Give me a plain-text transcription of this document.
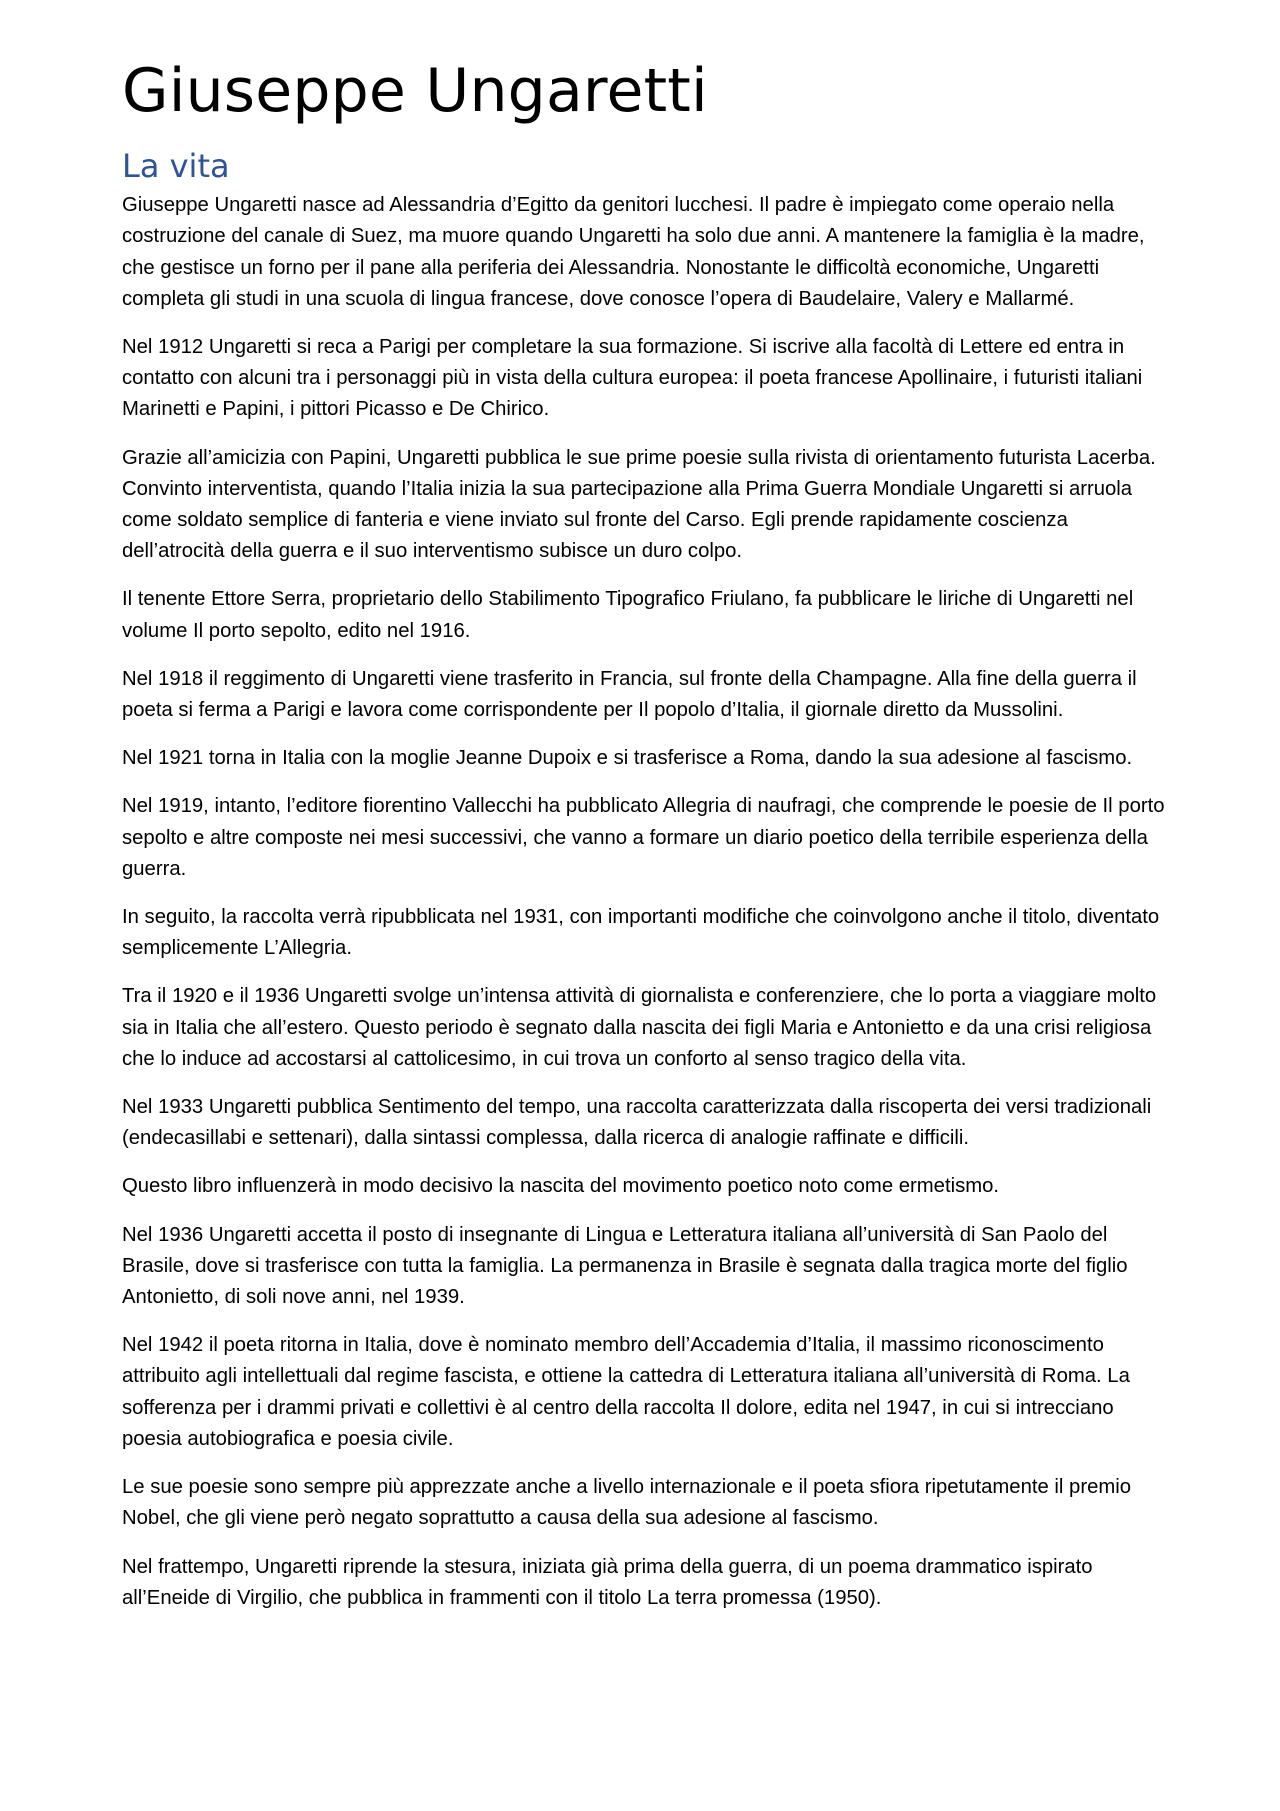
Giuseppe Ungaretti
La vita

Giuseppe Ungaretti nasce ad Alessandria d’Egitto da genitori lucchesi. Il padre è impiegato come operaio nella costruzione del canale di Suez, ma muore quando Ungaretti ha solo due anni. A mantenere la famiglia è la madre, che gestisce un forno per il pane alla periferia dei Alessandria. Nonostante le difficoltà economiche, Ungaretti completa gli studi in una scuola di lingua francese, dove conosce l’opera di Baudelaire, Valery e Mallarmé.

Nel 1912 Ungaretti si reca a Parigi per completare la sua formazione. Si iscrive alla facoltà di Lettere ed entra in contatto con alcuni tra i personaggi più in vista della cultura europea: il poeta francese Apollinaire, i futuristi italiani Marinetti e Papini, i pittori Picasso e De Chirico.

Grazie all’amicizia con Papini, Ungaretti pubblica le sue prime poesie sulla rivista di orientamento futurista Lacerba. Convinto interventista, quando l’Italia inizia la sua partecipazione alla Prima Guerra Mondiale Ungaretti si arruola come soldato semplice di fanteria e viene inviato sul fronte del Carso. Egli prende rapidamente coscienza dell’atrocità della guerra e il suo interventismo subisce un duro colpo.

Il tenente Ettore Serra, proprietario dello Stabilimento Tipografico Friulano, fa pubblicare le liriche di Ungaretti nel volume Il porto sepolto, edito nel 1916.

Nel 1918 il reggimento di Ungaretti viene trasferito in Francia, sul fronte della Champagne. Alla fine della guerra il poeta si ferma a Parigi e lavora come corrispondente per Il popolo d’Italia, il giornale diretto da Mussolini.

Nel 1921 torna in Italia con la moglie Jeanne Dupoix e si trasferisce a Roma, dando la sua adesione al fascismo.

Nel 1919, intanto, l’editore fiorentino Vallecchi ha pubblicato Allegria di naufragi, che comprende le poesie de Il porto sepolto e altre composte nei mesi successivi, che vanno a formare un diario poetico della terribile esperienza della guerra.

In seguito, la raccolta verrà ripubblicata nel 1931, con importanti modifiche che coinvolgono anche il titolo, diventato semplicemente L’Allegria.

Tra il 1920 e il 1936 Ungaretti svolge un’intensa attività di giornalista e conferenziere, che lo porta a viaggiare molto sia in Italia che all’estero. Questo periodo è segnato dalla nascita dei figli Maria e Antonietto e da una crisi religiosa che lo induce ad accostarsi al cattolicesimo, in cui trova un conforto al senso tragico della vita.

Nel 1933 Ungaretti pubblica Sentimento del tempo, una raccolta caratterizzata dalla riscoperta dei versi tradizionali (endecasillabi e settenari), dalla sintassi complessa, dalla ricerca di analogie raffinate e difficili.

Questo libro influenzerà in modo decisivo la nascita del movimento poetico noto come ermetismo.

Nel 1936 Ungaretti accetta il posto di insegnante di Lingua e Letteratura italiana all’università di San Paolo del Brasile, dove si trasferisce con tutta la famiglia. La permanenza in Brasile è segnata dalla tragica morte del figlio Antonietto, di soli nove anni, nel 1939.

Nel 1942 il poeta ritorna in Italia, dove è nominato membro dell’Accademia d’Italia, il massimo riconoscimento attribuito agli intellettuali dal regime fascista, e ottiene la cattedra di Letteratura italiana all’università di Roma. La sofferenza per i drammi privati e collettivi è al centro della raccolta Il dolore, edita nel 1947, in cui si intrecciano poesia autobiografica e poesia civile.

Le sue poesie sono sempre più apprezzate anche a livello internazionale e il poeta sfiora ripetutamente il premio Nobel, che gli viene però negato soprattutto a causa della sua adesione al fascismo.

Nel frattempo, Ungaretti riprende la stesura, iniziata già prima della guerra, di un poema drammatico ispirato all’Eneide di Virgilio, che pubblica in frammenti con il titolo La terra promessa (1950).
